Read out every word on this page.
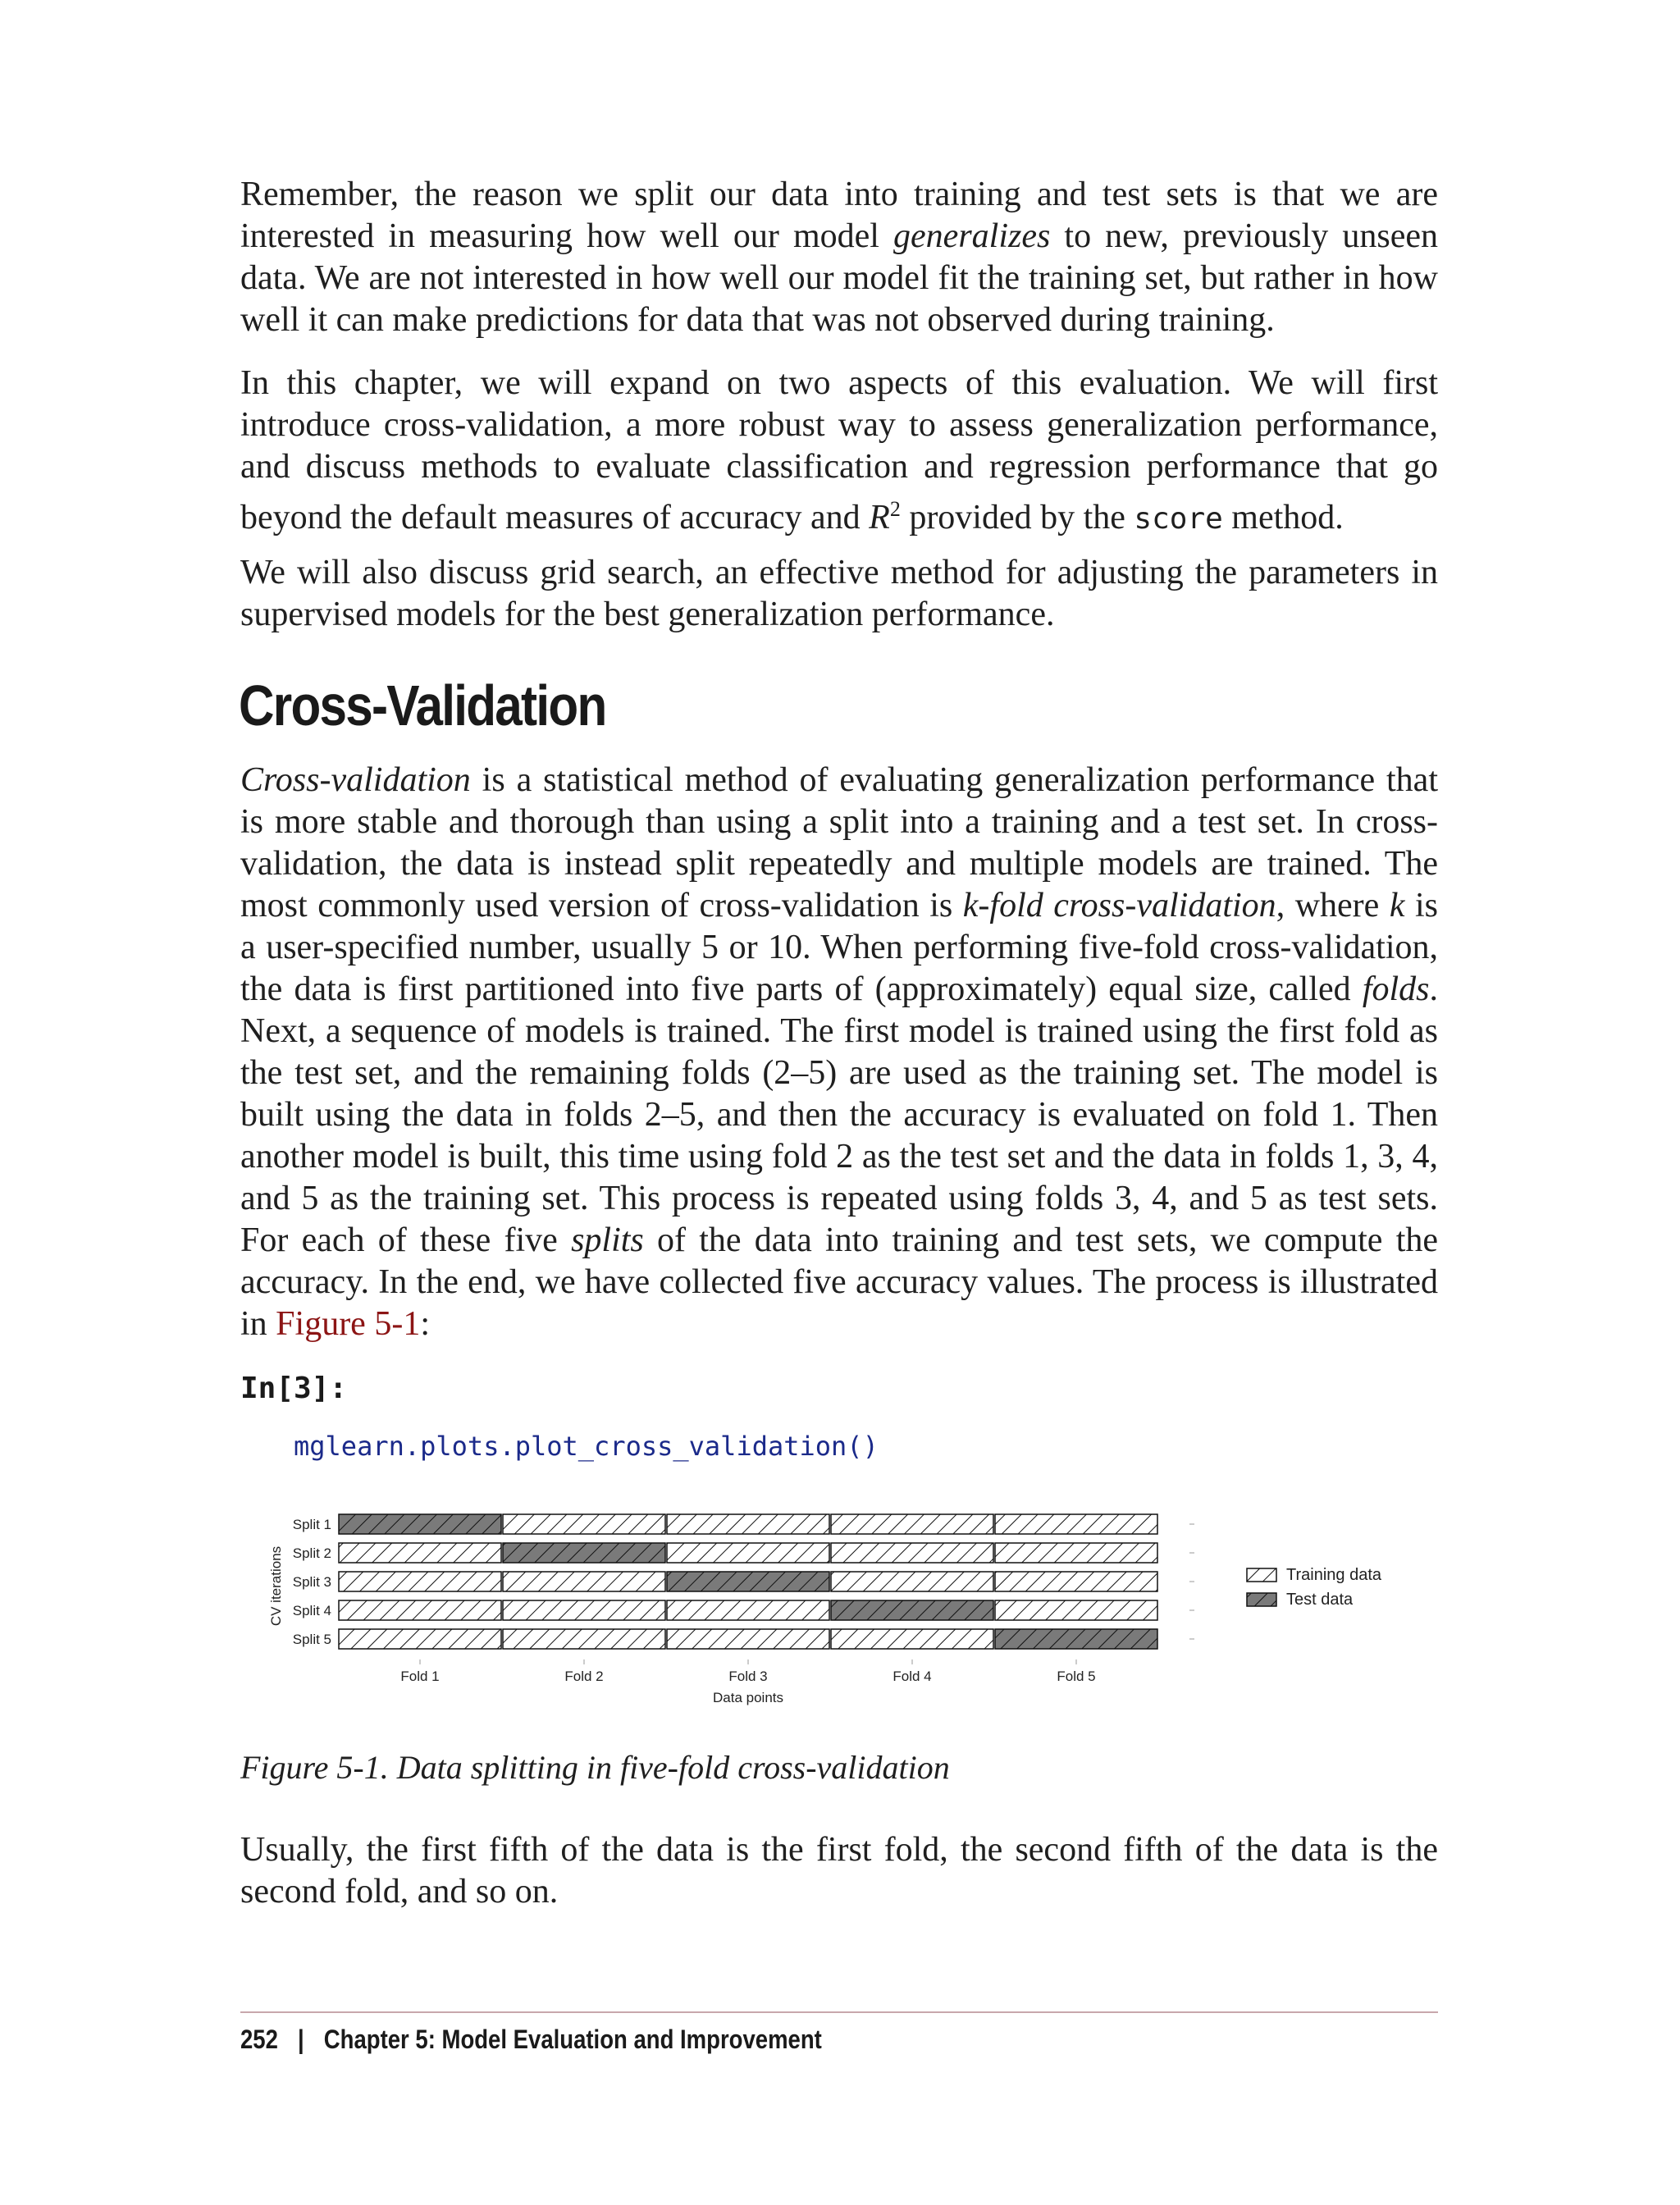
Remember, the reason we split our data into training and test sets is that we are interested in measuring how well our model generalizes to new, previously unseen data. We are not interested in how well our model fit the training set, but rather in how well it can make predictions for data that was not observed during training.

In this chapter, we will expand on two aspects of this evaluation. We will first introduce cross-validation, a more robust way to assess generalization performance, and discuss methods to evaluate classification and regression performance that go beyond the default measures of accuracy and $R^2$ provided by the score method.

We will also discuss grid search, an effective method for adjusting the parameters in supervised models for the best generalization performance.

Cross-Validation

Cross-validation is a statistical method of evaluating generalization performance that is more stable and thorough than using a split into a training and a test set. In cross-validation, the data is instead split repeatedly and multiple models are trained. The most commonly used version of cross-validation is k-fold cross-validation, where k is a user-specified number, usually 5 or 10. When performing five-fold cross-validation, the data is first partitioned into five parts of (approximately) equal size, called folds. Next, a sequence of models is trained. The first model is trained using the first fold as the test set, and the remaining folds (2–5) are used as the training set. The model is built using the data in folds 2–5, and then the accuracy is evaluated on fold 1. Then another model is built, this time using fold 2 as the test set and the data in folds 1, 3, 4, and 5 as the training set. This process is repeated using folds 3, 4, and 5 as test sets. For each of these five splits of the data into training and test sets, we compute the accuracy. In the end, we have collected five accuracy values. The process is illustrated in Figure 5-1:

In[3]:
mglearn.plots.plot_cross_validation()
Split 1
Split 2
Split 3
Split 4
Split 5
Fold 1	Fold 2	Fold 3	Fold 4	Fold 5
Data points
CV iterations	Training data
Test data

Figure 5-1. Data splitting in five-fold cross-validation

Usually, the first fifth of the data is the first fold, the second fifth of the data is the second fold, and so on.

252 | Chapter 5: Model Evaluation and Improvement
